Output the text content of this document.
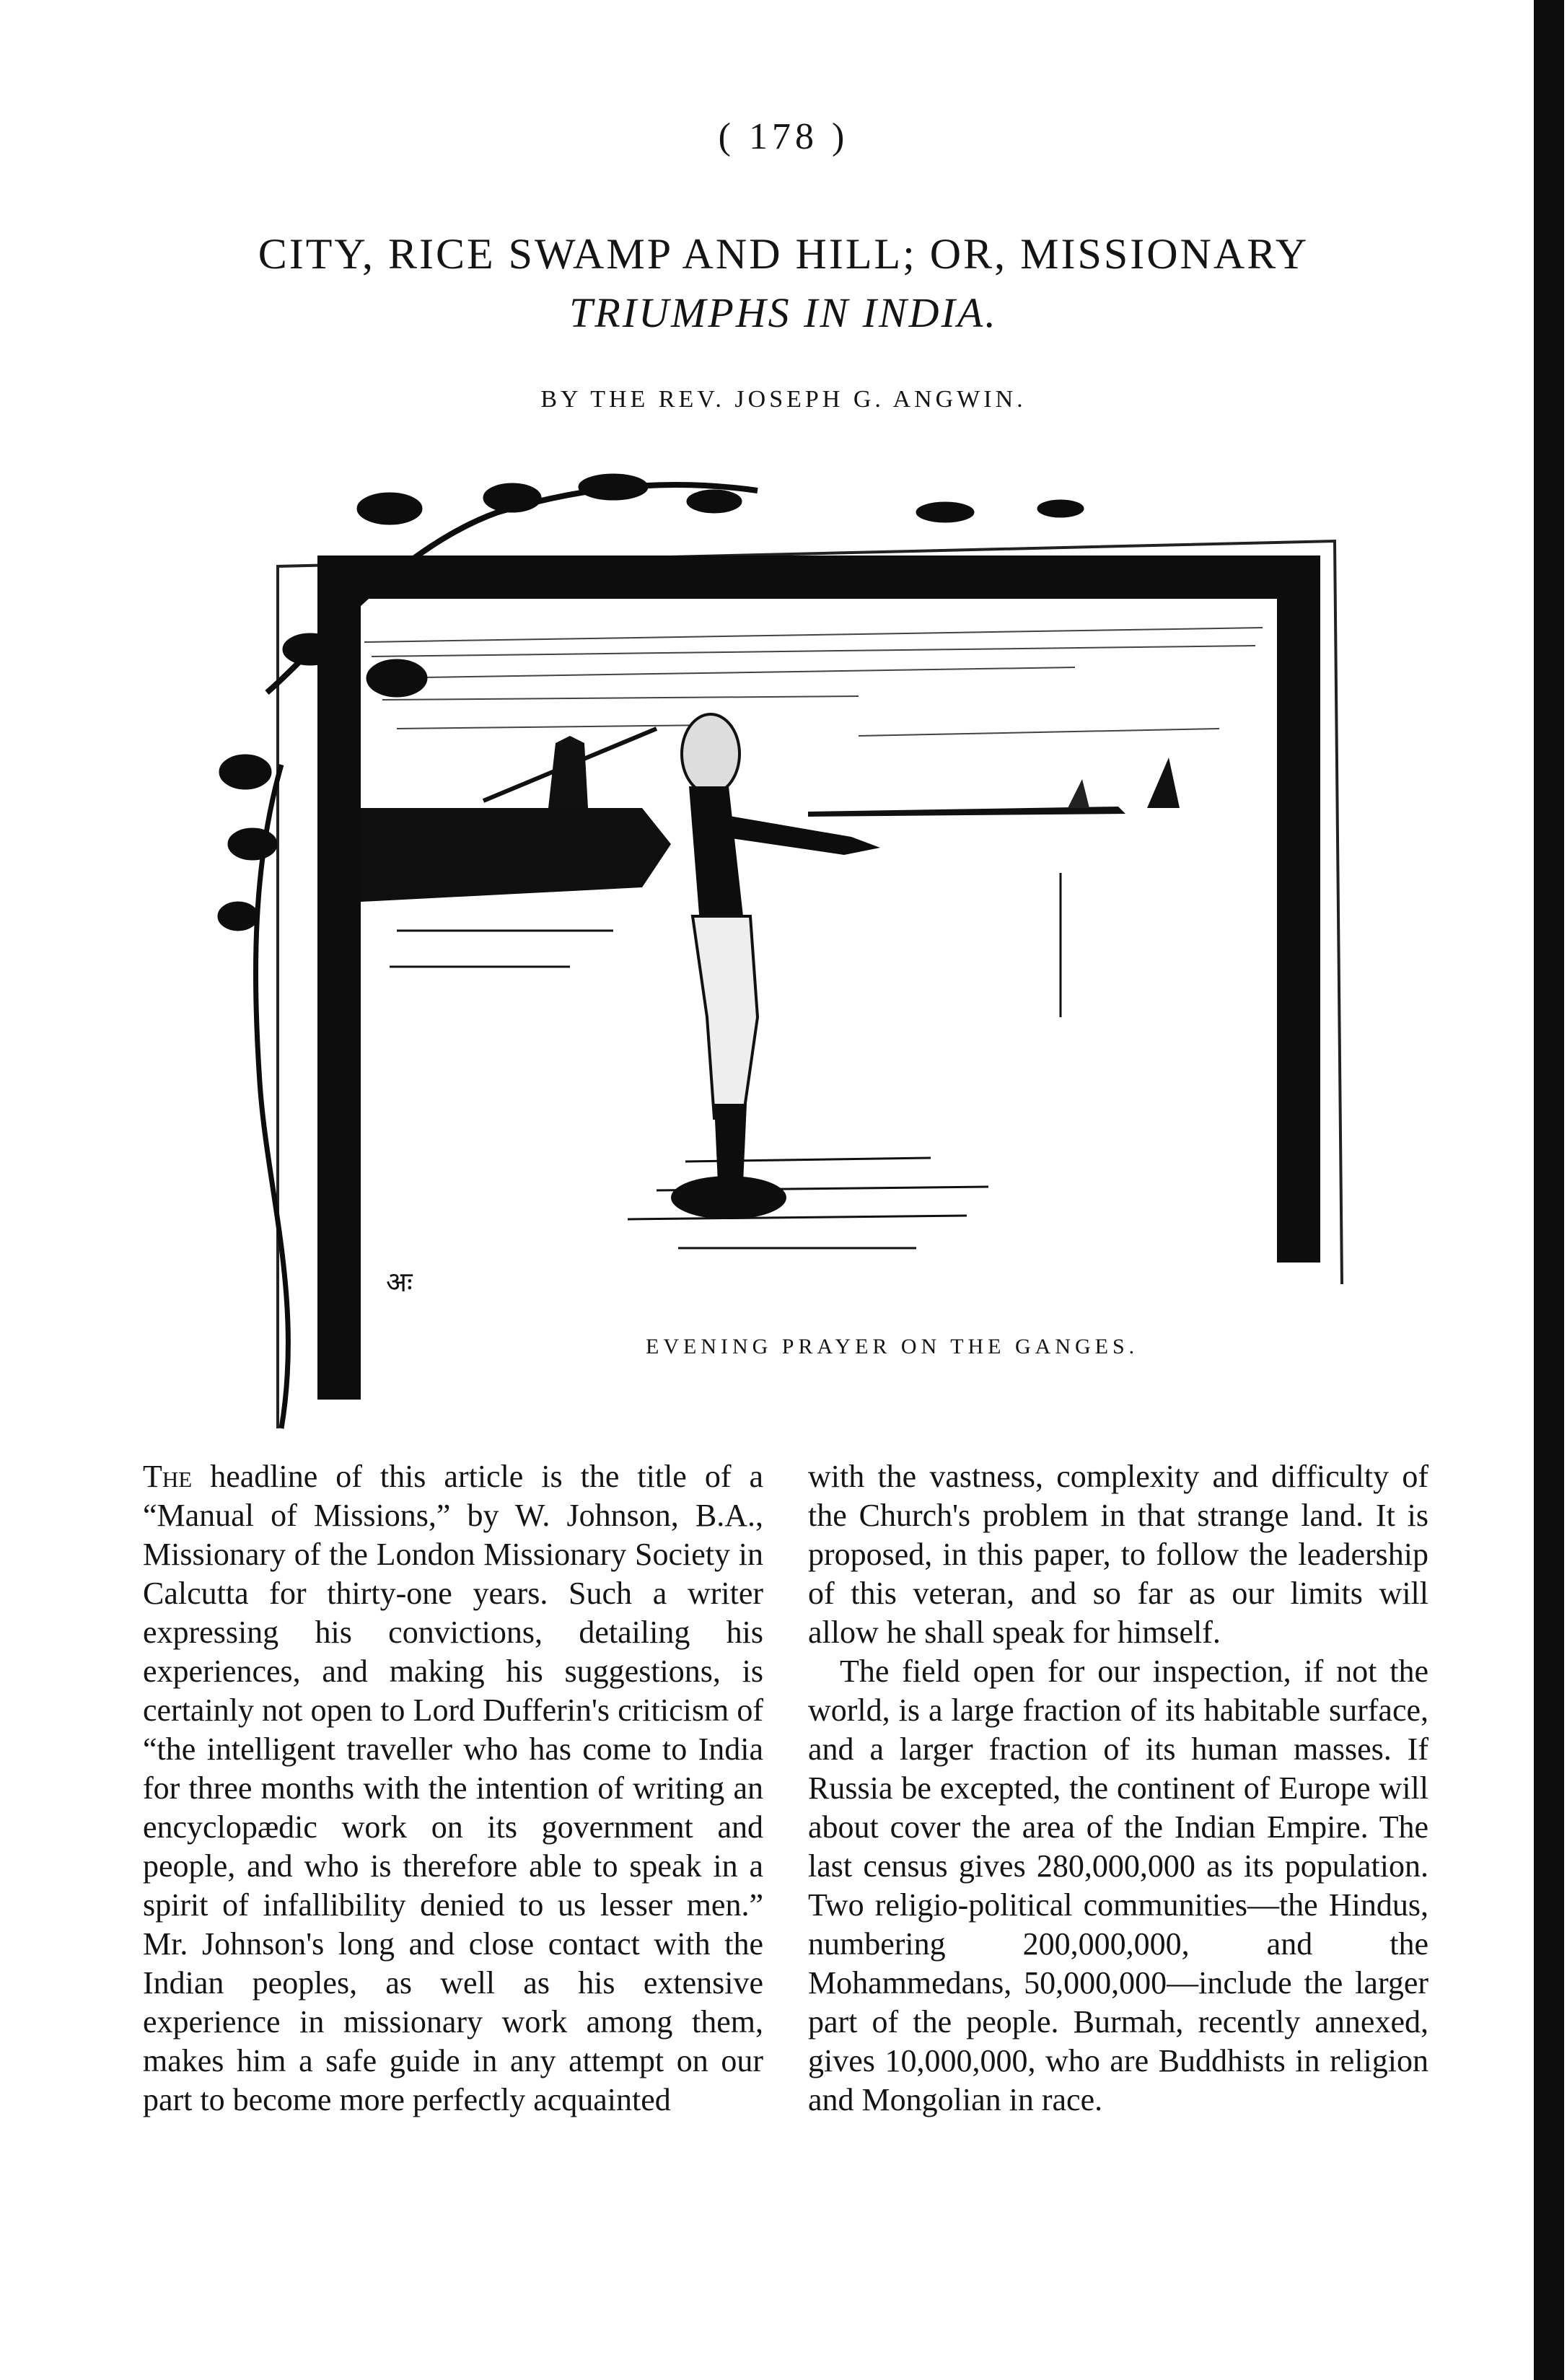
( 178 )
CITY, RICE SWAMP AND HILL; OR, MISSIONARY
TRIUMPHS IN INDIA.
BY THE REV. JOSEPH G. ANGWIN.
अः
EVENING PRAYER ON THE GANGES.

The headline of this article is the title of a “Manual of Missions,” by W. Johnson, B.A., Missionary of the London Missionary Society in Calcutta for thirty-one years. Such a writer expressing his convictions, detailing his experiences, and making his suggestions, is certainly not open to Lord Dufferin's criticism of “the intelligent traveller who has come to India for three months with the intention of writing an encyclopædic work on its government and people, and who is therefore able to speak in a spirit of infallibility denied to us lesser men.” Mr. Johnson's long and close contact with the Indian peoples, as well as his extensive experience in missionary work among them, makes him a safe guide in any attempt on our part to become more perfectly acquainted

with the vastness, complexity and difficulty of the Church's problem in that strange land. It is proposed, in this paper, to follow the leadership of this veteran, and so far as our limits will allow he shall speak for himself.

The field open for our inspection, if not the world, is a large fraction of its habitable surface, and a larger fraction of its human masses. If Russia be excepted, the continent of Europe will about cover the area of the Indian Empire. The last census gives 280,000,000 as its population. Two religio-political communities—the Hindus, numbering 200,000,000, and the Mohammedans, 50,000,000—include the larger part of the people. Burmah, recently annexed, gives 10,000,000, who are Buddhists in religion and Mongolian in race.
